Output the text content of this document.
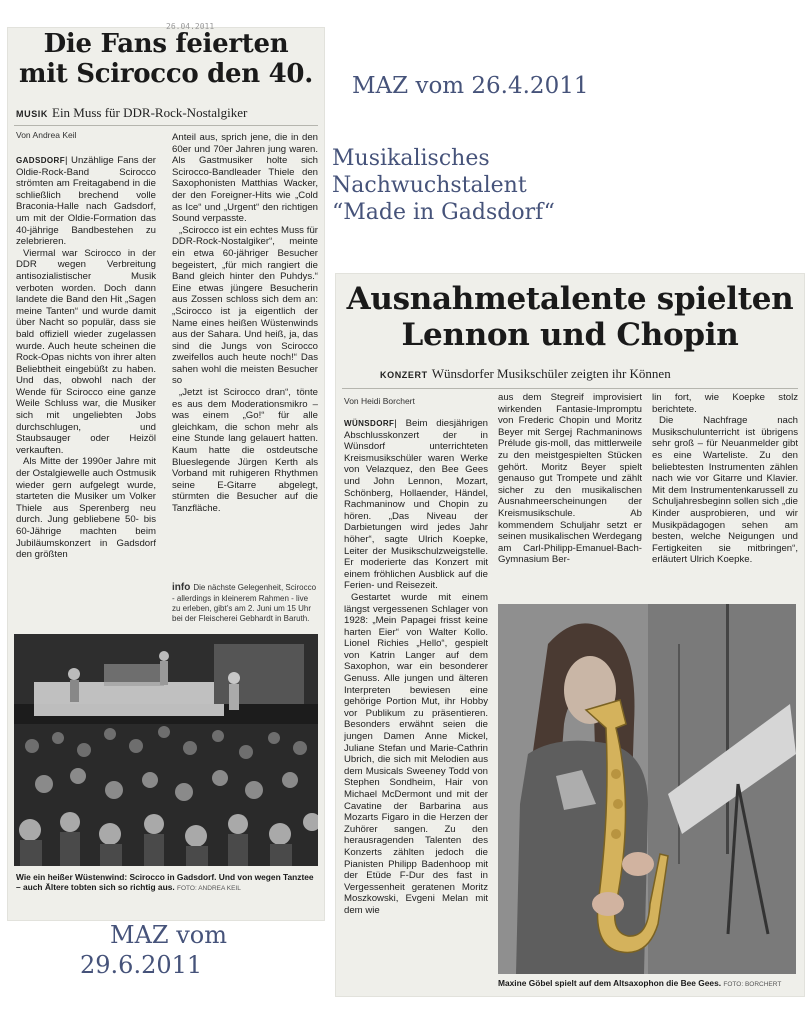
26.04.2011
Die Fans feierten
mit Scirocco den 40.
MUSIK Ein Muss für DDR-Rock-Nostalgiker
Von Andrea Keil

GADSDORF| Unzählige Fans der Oldie-Rock-Band Scirocco strömten am Freitagabend in die schließlich brechend volle Braconia-Halle nach Gadsdorf, um mit der Oldie-Formation das 40-jährige Bandbestehen zu zelebrieren.

Viermal war Scirocco in der DDR wegen Verbreitung antisozialistischer Musik verboten worden. Doch dann landete die Band den Hit „Sagen meine Tanten“ und wurde damit über Nacht so populär, dass sie bald offiziell wieder zugelassen wurde. Auch heute scheinen die Rock-Opas nichts von ihrer alten Beliebtheit eingebüßt zu haben. Und das, obwohl nach der Wende für Scirocco eine ganze Weile Schluss war, die Musiker sich mit ungeliebten Jobs durchschlugen, und Staubsauger oder Heizöl verkauften.

Als Mitte der 1990er Jahre mit der Ostalgiewelle auch Ostmusik wieder gern aufgelegt wurde, starteten die Musiker um Volker Thiele aus Sperenberg neu durch. Jung gebliebene 50- bis 60-Jährige machten beim Jubiläumskonzert in Gadsdorf den größten

Anteil aus, sprich jene, die in den 60er und 70er Jahren jung waren. Als Gastmusiker holte sich Scirocco-Bandleader Thiele den Saxophonisten Matthias Wacker, der den Foreigner-Hits wie „Cold as Ice“ und „Urgent“ den richtigen Sound verpasste.

„Scirocco ist ein echtes Muss für DDR-Rock-Nostalgiker“, meinte ein etwa 60-jähriger Besucher begeistert, „für mich rangiert die Band gleich hinter den Puhdys.“ Eine etwas jüngere Besucherin aus Zossen schloss sich dem an: „Scirocco ist ja eigentlich der Name eines heißen Wüstenwinds aus der Sahara. Und heiß, ja, das sind die Jungs von Scirocco zweifellos auch heute noch!“ Das sahen wohl die meisten Besucher so

„Jetzt ist Scirocco dran“, tönte es aus dem Moderationsmikro – was einem „Go!“ für alle gleichkam, die schon mehr als eine Stunde lang gelauert hatten. Kaum hatte die ostdeutsche Blueslegende Jürgen Kerth als Vorband mit ruhigeren Rhythmen seine E-Gitarre abgelegt, stürmten die Besucher auf die Tanzfläche.

info Die nächste Gelegenheit, Scirocco - allerdings in kleinerem Rahmen - live zu erleben, gibt’s am 2. Juni um 15 Uhr bei der Fleischerei Gebhardt in Baruth.
Wie ein heißer Wüstenwind: Scirocco in Gadsdorf. Und von wegen Tanztee – auch Ältere tobten sich so richtig aus. FOTO: ANDREA KEIL
MAZ vom 26.4.2011
Musikalisches
Nachwuchstalent
“Made in Gadsdorf“
MAZ vom
29.6.2011
Ausnahmetalente spielten
Lennon und Chopin
KONZERT Wünsdorfer Musikschüler zeigten ihr Können
Von Heidi Borchert

WÜNSDORF| Beim diesjährigen Abschlusskonzert der in Wünsdorf unterrichteten Kreismusikschüler waren Werke von Velazquez, den Bee Gees und John Lennon, Mozart, Schönberg, Hollaender, Händel, Rachmaninow und Chopin zu hören. „Das Niveau der Darbietungen wird jedes Jahr höher“, sagte Ulrich Koepke, Leiter der Musikschulzweigstelle. Er moderierte das Konzert mit einem fröhlichen Ausblick auf die Ferien- und Reisezeit.

Gestartet wurde mit einem längst vergessenen Schlager von 1928: „Mein Papagei frisst keine harten Eier“ von Walter Kollo. Lionel Richies „Hello“, gespielt von Katrin Langer auf dem Saxophon, war ein besonderer Genuss. Alle jungen und älteren Interpreten bewiesen eine gehörige Portion Mut, ihr Hobby vor Publikum zu präsentieren. Besonders erwähnt seien die jungen Damen Anne Mickel, Juliane Stefan und Marie-Cathrin Ubrich, die sich mit Melodien aus dem Musicals Sweeney Todd von Stephen Sondheim, Hair von Michael McDermont und mit der Cavatine der Barbarina aus Mozarts Figaro in die Herzen der Zuhörer sangen. Zu den herausragenden Talenten des Konzerts zählten jedoch die Pianisten Philipp Badenhoop mit der Etüde F-Dur des fast in Vergessenheit geratenen Moritz Moszkowski, Evgeni Melan mit dem wie

aus dem Stegreif improvisiert wirkenden Fantasie-Impromptu von Frederic Chopin und Moritz Beyer mit Sergej Rachmaninows Prélude gis-moll, das mittlerweile zu den meistgespielten Stücken gehört. Moritz Beyer spielt genauso gut Trompete und zählt sicher zu den musikalischen Ausnahmeerscheinungen der Kreismusikschule. Ab kommendem Schuljahr setzt er seinen musikalischen Werdegang am Carl-Philipp-Emanuel-Bach-Gymnasium Ber-

lin fort, wie Koepke stolz berichtete.

Die Nachfrage nach Musikschulunterricht ist übrigens sehr groß – für Neuanmelder gibt es eine Warteliste. Zu den beliebtesten Instrumenten zählen nach wie vor Gitarre und Klavier. Mit dem Instrumentenkarussell zu Schuljahresbeginn sollen sich „die Kinder ausprobieren, und wir Musikpädagogen sehen am besten, welche Neigungen und Fertigkeiten sie mitbringen“, erläutert Ulrich Koepke.

Maxine Göbel spielt auf dem Altsaxophon die Bee Gees. FOTO: BORCHERT
